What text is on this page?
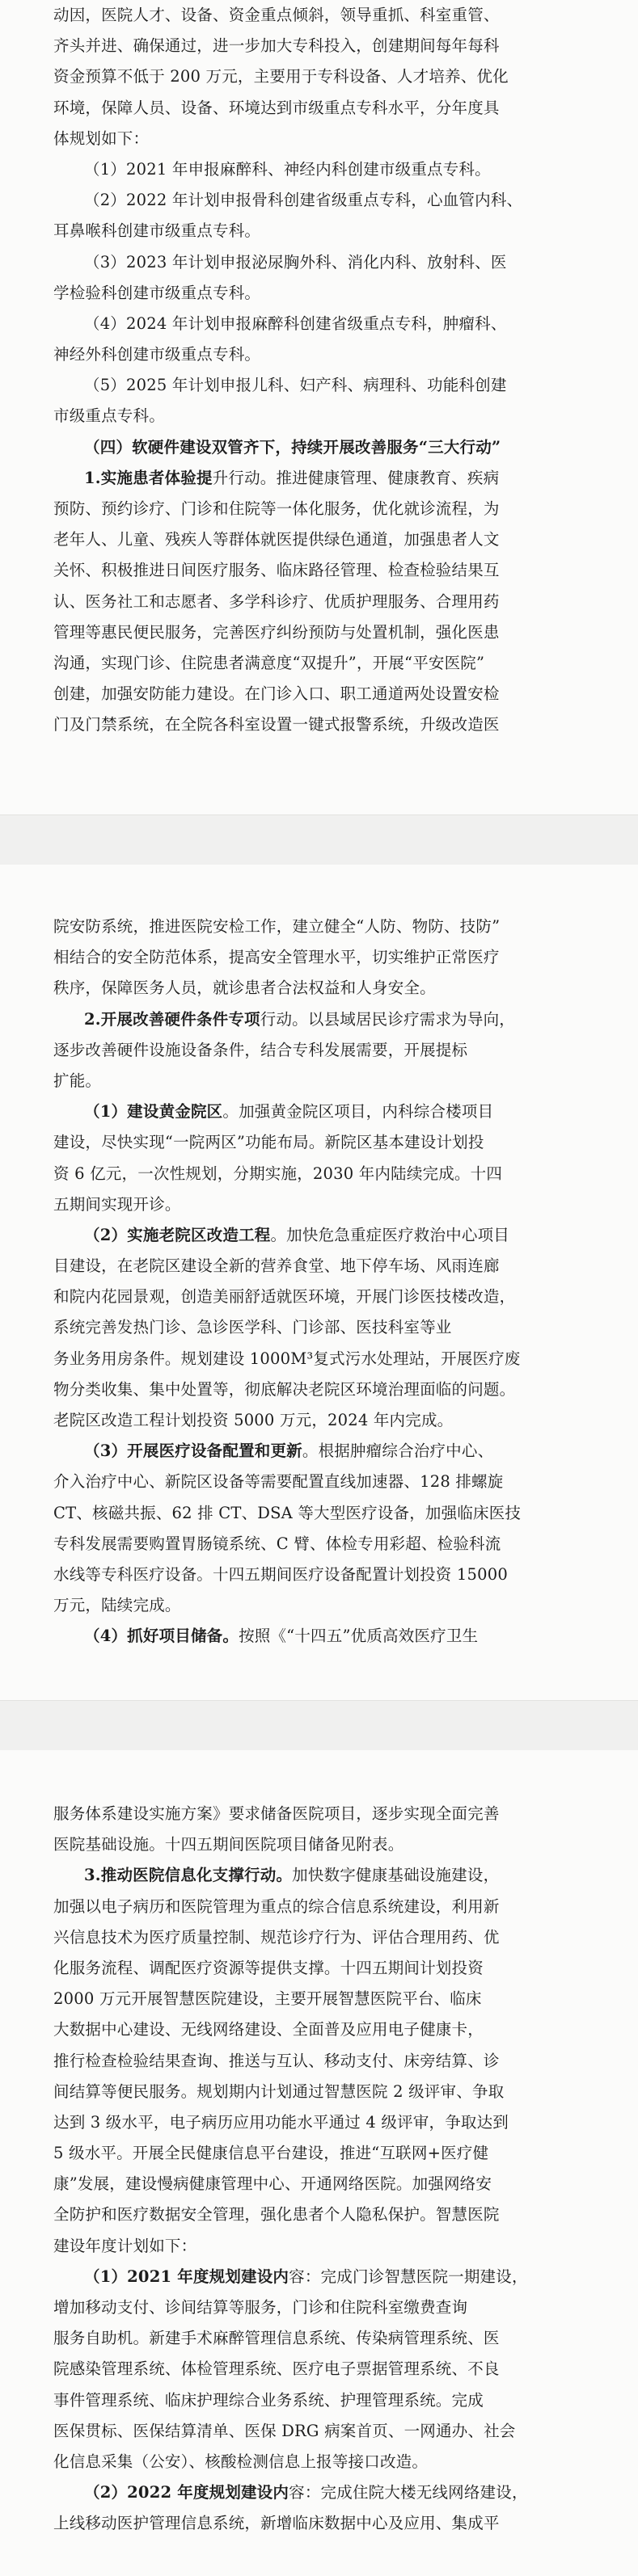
动因，医院人才、设备、资金重点倾斜，领导重抓、科室重管、
齐头并进、确保通过，进一步加大专科投入，创建期间每年每科
资金预算不低于 200 万元，主要用于专科设备、人才培养、优化
环境，保障人员、设备、环境达到市级重点专科水平，分年度具
体规划如下：
（1）2021 年申报麻醉科、神经内科创建市级重点专科。
（2）2022 年计划申报骨科创建省级重点专科，心血管内科、
耳鼻喉科创建市级重点专科。
（3）2023 年计划申报泌尿胸外科、消化内科、放射科、医
学检验科创建市级重点专科。
（4）2024 年计划申报麻醉科创建省级重点专科，肿瘤科、
神经外科创建市级重点专科。
（5）2025 年计划申报儿科、妇产科、病理科、功能科创建
市级重点专科。
（四）软硬件建设双管齐下，持续开展改善服务“三大行动”
1.实施患者体验提升行动。推进健康管理、健康教育、疾病
预防、预约诊疗、门诊和住院等一体化服务，优化就诊流程，为
老年人、儿童、残疾人等群体就医提供绿色通道，加强患者人文
关怀、积极推进日间医疗服务、临床路径管理、检查检验结果互
认、医务社工和志愿者、多学科诊疗、优质护理服务、合理用药
管理等惠民便民服务，完善医疗纠纷预防与处置机制，强化医患
沟通，实现门诊、住院患者满意度“双提升”，开展“平安医院”
创建，加强安防能力建设。在门诊入口、职工通道两处设置安检
门及门禁系统，在全院各科室设置一键式报警系统，升级改造医
院安防系统，推进医院安检工作，建立健全“人防、物防、技防”
相结合的安全防范体系，提高安全管理水平，切实维护正常医疗
秩序，保障医务人员，就诊患者合法权益和人身安全。
2.开展改善硬件条件专项行动。以县域居民诊疗需求为导向，
逐步改善硬件设施设备条件，结合专科发展需要，开展提标
扩能。
（1）建设黄金院区。加强黄金院区项目，内科综合楼项目
建设，尽快实现“一院两区”功能布局。新院区基本建设计划投
资 6 亿元，一次性规划，分期实施，2030 年内陆续完成。十四
五期间实现开诊。
（2）实施老院区改造工程。加快危急重症医疗救治中心项目
目建设，在老院区建设全新的营养食堂、地下停车场、风雨连廊
和院内花园景观，创造美丽舒适就医环境，开展门诊医技楼改造，
系统完善发热门诊、急诊医学科、门诊部、医技科室等业
务业务用房条件。规划建设 1000M³复式污水处理站，开展医疗废
物分类收集、集中处置等，彻底解决老院区环境治理面临的问题。
老院区改造工程计划投资 5000 万元，2024 年内完成。
（3）开展医疗设备配置和更新。根据肿瘤综合治疗中心、
介入治疗中心、新院区设备等需要配置直线加速器、128 排螺旋
CT、核磁共振、62 排 CT、DSA 等大型医疗设备，加强临床医技
专科发展需要购置胃肠镜系统、C 臂、体检专用彩超、检验科流
水线等专科医疗设备。十四五期间医疗设备配置计划投资 15000
万元，陆续完成。
（4）抓好项目储备。按照《“十四五”优质高效医疗卫生
服务体系建设实施方案》要求储备医院项目，逐步实现全面完善
医院基础设施。十四五期间医院项目储备见附表。
3.推动医院信息化支撑行动。加快数字健康基础设施建设，
加强以电子病历和医院管理为重点的综合信息系统建设，利用新
兴信息技术为医疗质量控制、规范诊疗行为、评估合理用药、优
化服务流程、调配医疗资源等提供支撑。十四五期间计划投资
2000 万元开展智慧医院建设，主要开展智慧医院平台、临床
大数据中心建设、无线网络建设、全面普及应用电子健康卡，
推行检查检验结果查询、推送与互认、移动支付、床旁结算、诊
间结算等便民服务。规划期内计划通过智慧医院 2 级评审、争取
达到 3 级水平，电子病历应用功能水平通过 4 级评审，争取达到
5 级水平。开展全民健康信息平台建设，推进“互联网+医疗健
康”发展，建设慢病健康管理中心、开通网络医院。加强网络安
全防护和医疗数据安全管理，强化患者个人隐私保护。智慧医院
建设年度计划如下：
（1）2021 年度规划建设内容：完成门诊智慧医院一期建设，
增加移动支付、诊间结算等服务，门诊和住院科室缴费查询
服务自助机。新建手术麻醉管理信息系统、传染病管理系统、医
院感染管理系统、体检管理系统、医疗电子票据管理系统、不良
事件管理系统、临床护理综合业务系统、护理管理系统。完成
医保贯标、医保结算清单、医保 DRG 病案首页、一网通办、社会
化信息采集（公安）、核酸检测信息上报等接口改造。
（2）2022 年度规划建设内容：完成住院大楼无线网络建设，
上线移动医护管理信息系统，新增临床数据中心及应用、集成平
